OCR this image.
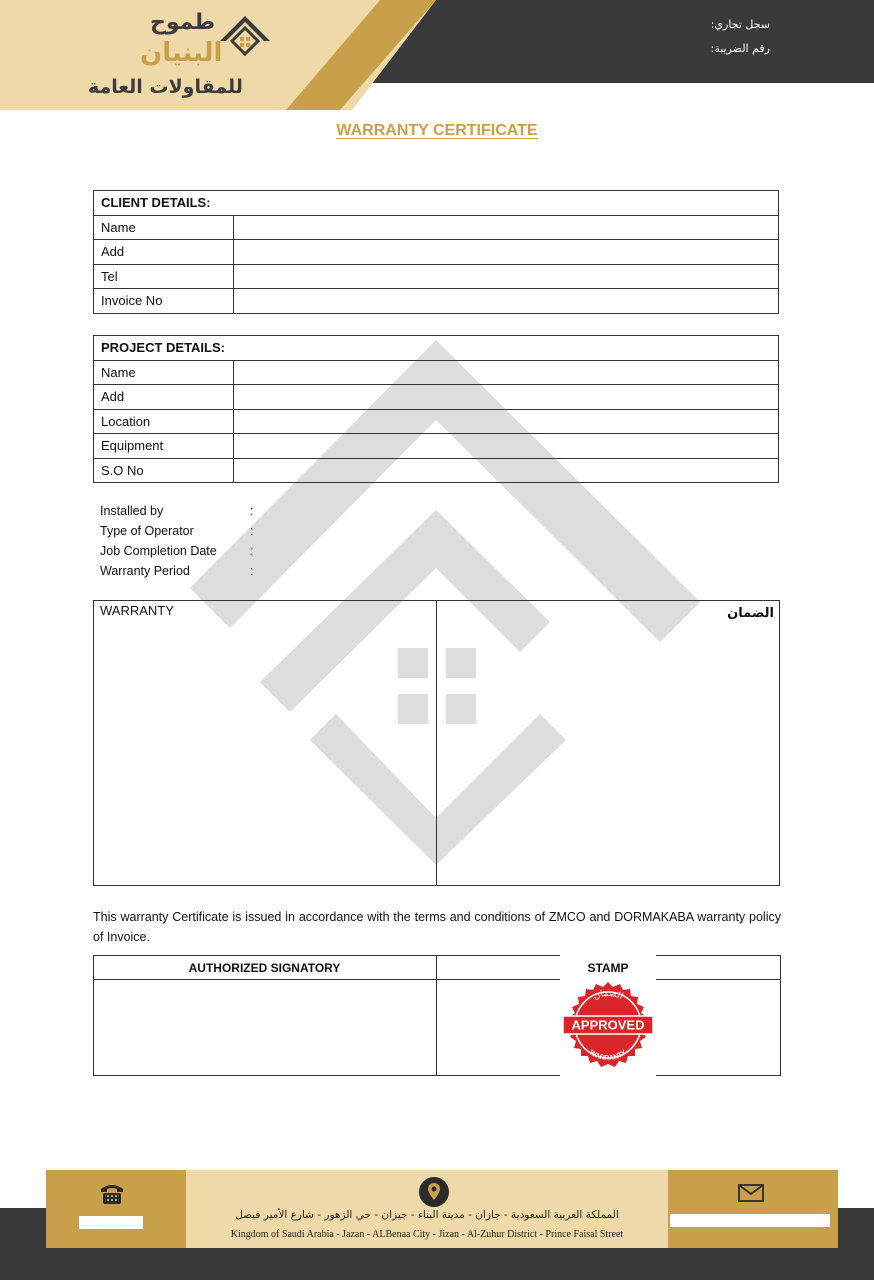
طموح
البنيان
للمقاولات العامة
سجل تجاري:
رقم الضريبة:
WARRANTY CERTIFICATE
CLIENT DETAILS:	
Name	
Add	
Tel	
Invoice No	
PROJECT DETAILS:	
Name	
Add	
Location	
Equipment	
S.O No	
Installed by	:
Type of Operator	:
Job Completion Date	:
Warranty Period	:
WARRANTY	الضمان
This warranty Certificate is issued in accordance with the terms and conditions of ZMCO and DORMAKABA warranty policy of Invoice.
AUTHORIZED SIGNATORY	STAMP
APPROVED
الضمان
WARRANTY
المملكة العربية السعودية - جازان - مدينة البناء - جيزان - حي الزهور - شارع الأمير فيصل
Kingdom of Saudi Arabia - Jazan - ALBenaa City - Jizan - Al-Zuhur District - Prince Faisal Street
